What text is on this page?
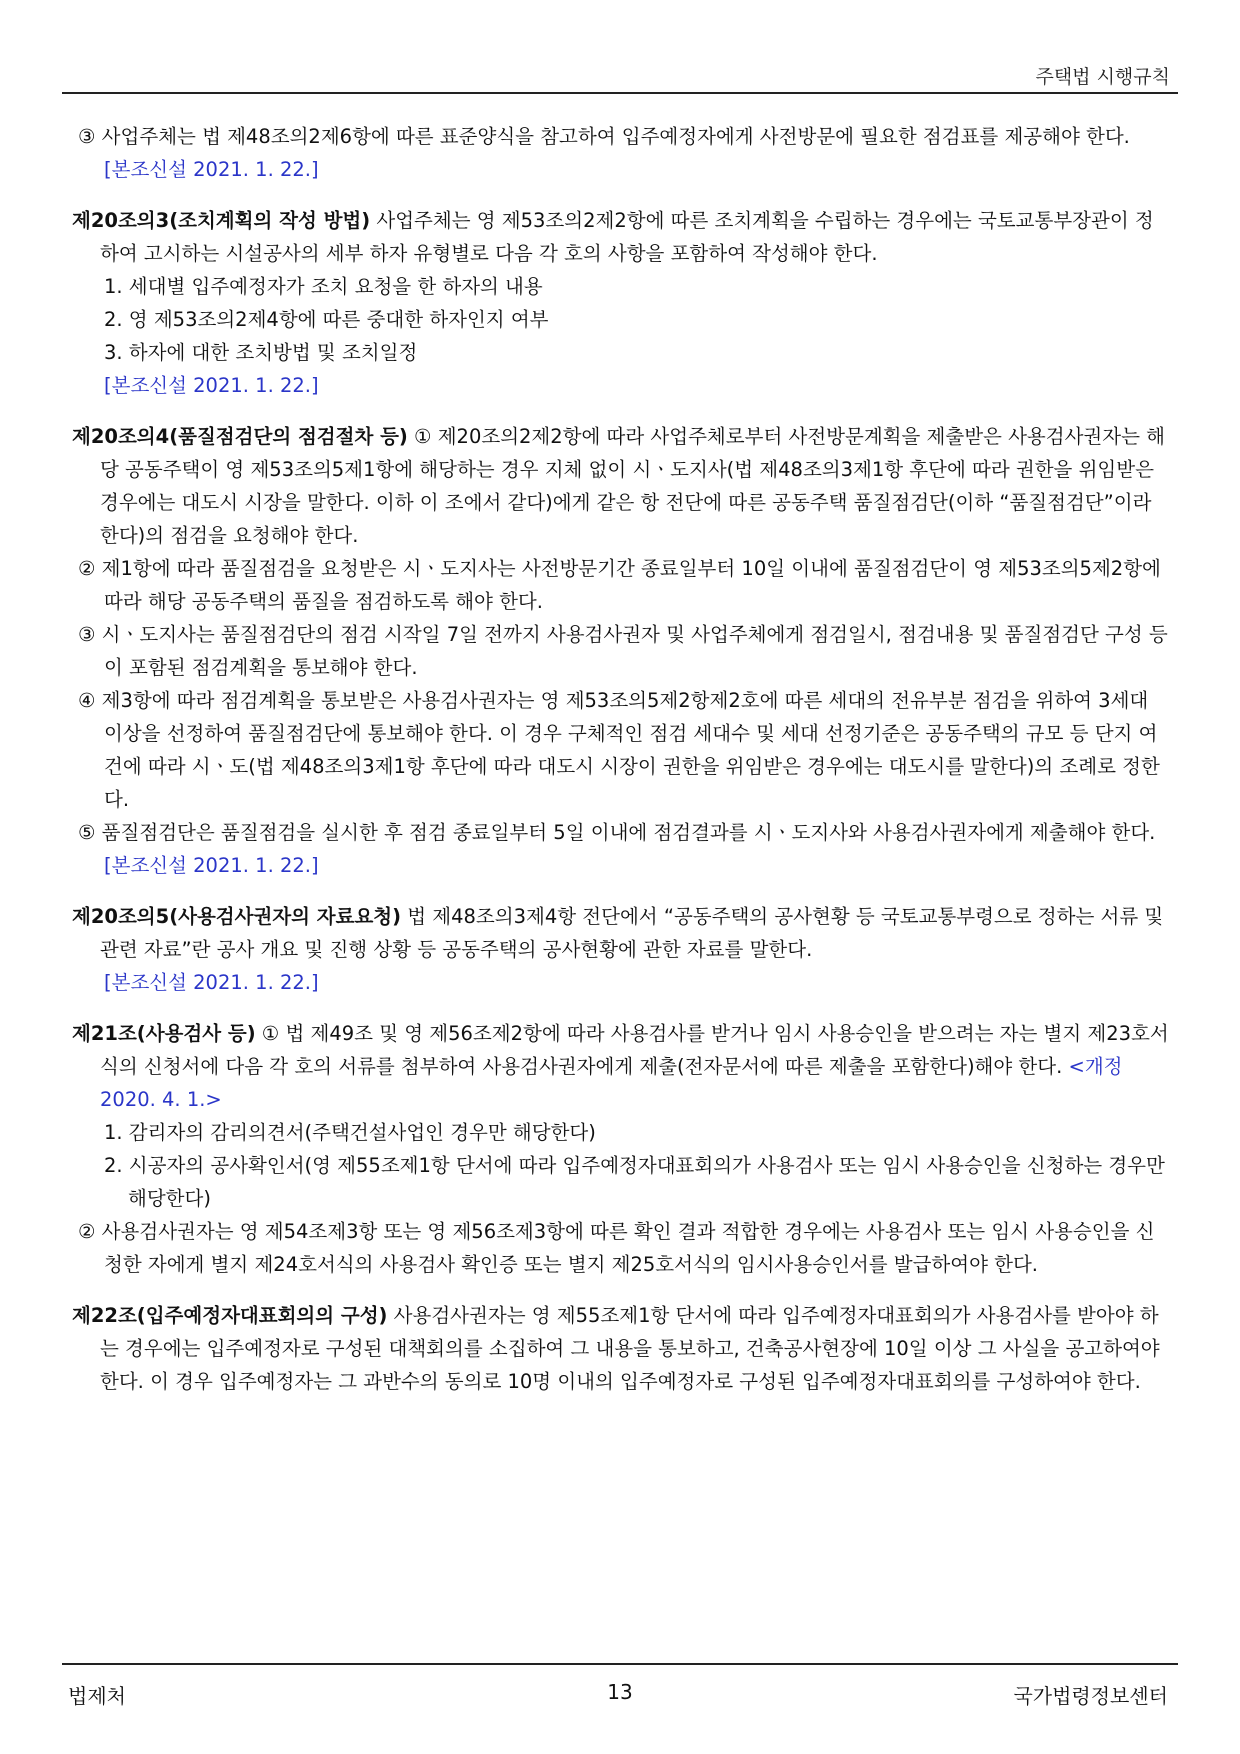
주택법 시행규칙

③ 사업주체는 법 제48조의2제6항에 따른 표준양식을 참고하여 입주예정자에게 사전방문에 필요한 점검표를 제공해야 한다.

[본조신설 2021. 1. 22.]

제20조의3(조치계획의 작성 방법) 사업주체는 영 제53조의2제2항에 따른 조치계획을 수립하는 경우에는 국토교통부장관이 정하여 고시하는 시설공사의 세부 하자 유형별로 다음 각 호의 사항을 포함하여 작성해야 한다.

1. 세대별 입주예정자가 조치 요청을 한 하자의 내용

2. 영 제53조의2제4항에 따른 중대한 하자인지 여부

3. 하자에 대한 조치방법 및 조치일정

[본조신설 2021. 1. 22.]

제20조의4(품질점검단의 점검절차 등) ① 제20조의2제2항에 따라 사업주체로부터 사전방문계획을 제출받은 사용검사권자는 해당 공동주택이 영 제53조의5제1항에 해당하는 경우 지체 없이 시ㆍ도지사(법 제48조의3제1항 후단에 따라 권한을 위임받은 경우에는 대도시 시장을 말한다. 이하 이 조에서 같다)에게 같은 항 전단에 따른 공동주택 품질점검단(이하 “품질점검단”이라 한다)의 점검을 요청해야 한다.

② 제1항에 따라 품질점검을 요청받은 시ㆍ도지사는 사전방문기간 종료일부터 10일 이내에 품질점검단이 영 제53조의5제2항에 따라 해당 공동주택의 품질을 점검하도록 해야 한다.

③ 시ㆍ도지사는 품질점검단의 점검 시작일 7일 전까지 사용검사권자 및 사업주체에게 점검일시, 점검내용 및 품질점검단 구성 등이 포함된 점검계획을 통보해야 한다.

④ 제3항에 따라 점검계획을 통보받은 사용검사권자는 영 제53조의5제2항제2호에 따른 세대의 전유부분 점검을 위하여 3세대 이상을 선정하여 품질점검단에 통보해야 한다. 이 경우 구체적인 점검 세대수 및 세대 선정기준은 공동주택의 규모 등 단지 여건에 따라 시ㆍ도(법 제48조의3제1항 후단에 따라 대도시 시장이 권한을 위임받은 경우에는 대도시를 말한다)의 조례로 정한다.

⑤ 품질점검단은 품질점검을 실시한 후 점검 종료일부터 5일 이내에 점검결과를 시ㆍ도지사와 사용검사권자에게 제출해야 한다.

[본조신설 2021. 1. 22.]

제20조의5(사용검사권자의 자료요청) 법 제48조의3제4항 전단에서 “공동주택의 공사현황 등 국토교통부령으로 정하는 서류 및 관련 자료”란 공사 개요 및 진행 상황 등 공동주택의 공사현황에 관한 자료를 말한다.

[본조신설 2021. 1. 22.]

제21조(사용검사 등) ① 법 제49조 및 영 제56조제2항에 따라 사용검사를 받거나 임시 사용승인을 받으려는 자는 별지 제23호서식의 신청서에 다음 각 호의 서류를 첨부하여 사용검사권자에게 제출(전자문서에 따른 제출을 포함한다)해야 한다. <개정 2020. 4. 1.>

1. 감리자의 감리의견서(주택건설사업인 경우만 해당한다)

2. 시공자의 공사확인서(영 제55조제1항 단서에 따라 입주예정자대표회의가 사용검사 또는 임시 사용승인을 신청하는 경우만 해당한다)

② 사용검사권자는 영 제54조제3항 또는 영 제56조제3항에 따른 확인 결과 적합한 경우에는 사용검사 또는 임시 사용승인을 신청한 자에게 별지 제24호서식의 사용검사 확인증 또는 별지 제25호서식의 임시사용승인서를 발급하여야 한다.

제22조(입주예정자대표회의의 구성) 사용검사권자는 영 제55조제1항 단서에 따라 입주예정자대표회의가 사용검사를 받아야 하는 경우에는 입주예정자로 구성된 대책회의를 소집하여 그 내용을 통보하고, 건축공사현장에 10일 이상 그 사실을 공고하여야 한다. 이 경우 입주예정자는 그 과반수의 동의로 10명 이내의 입주예정자로 구성된 입주예정자대표회의를 구성하여야 한다.

법제처	13	국가법령정보센터
